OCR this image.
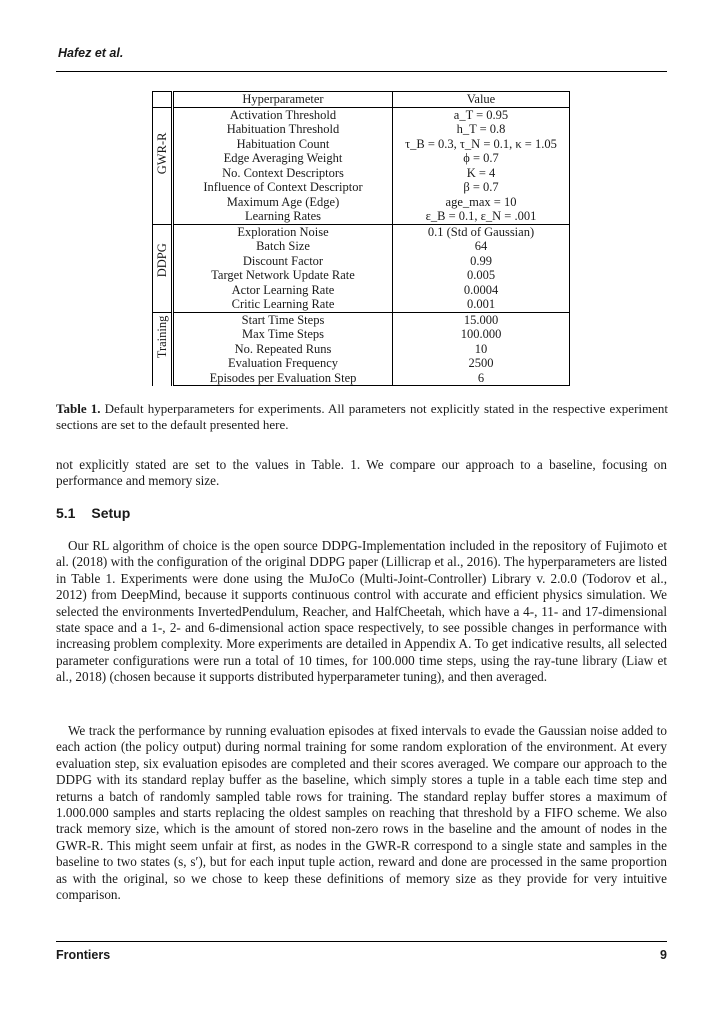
Hafez et al.
	Hyperparameter	Value

GWR-R	Activation Threshold	a_T = 0.95
	Habituation Threshold	h_T = 0.8
	Habituation Count	τ_B = 0.3, τ_N = 0.1, κ = 1.05
	Edge Averaging Weight	ϕ = 0.7
	No. Context Descriptors	K = 4
	Influence of Context Descriptor	β = 0.7
	Maximum Age (Edge)	age_max = 10
	Learning Rates	ε_B = 0.1, ε_N = .001

DDPG	Exploration Noise	0.1 (Std of Gaussian)
	Batch Size	64
	Discount Factor	0.99
	Target Network Update Rate	0.005
	Actor Learning Rate	0.0004
	Critic Learning Rate	0.001

Training	Start Time Steps	15.000
	Max Time Steps	100.000
	No. Repeated Runs	10
	Evaluation Frequency	2500
	Episodes per Evaluation Step	6
Table 1. Default hyperparameters for experiments. All parameters not explicitly stated in the respective experiment sections are set to the default presented here.
not explicitly stated are set to the values in Table. 1. We compare our approach to a baseline, focusing on performance and memory size.
5.1 Setup
Our RL algorithm of choice is the open source DDPG-Implementation included in the repository of Fujimoto et al. (2018) with the configuration of the original DDPG paper (Lillicrap et al., 2016). The hyperparameters are listed in Table 1. Experiments were done using the MuJoCo (Multi-Joint-Controller) Library v. 2.0.0 (Todorov et al., 2012) from DeepMind, because it supports continuous control with accurate and efficient physics simulation. We selected the environments InvertedPendulum, Reacher, and HalfCheetah, which have a 4-, 11- and 17-dimensional state space and a 1-, 2- and 6-dimensional action space respectively, to see possible changes in performance with increasing problem complexity. More experiments are detailed in Appendix A. To get indicative results, all selected parameter configurations were run a total of 10 times, for 100.000 time steps, using the ray-tune library (Liaw et al., 2018) (chosen because it supports distributed hyperparameter tuning), and then averaged.
We track the performance by running evaluation episodes at fixed intervals to evade the Gaussian noise added to each action (the policy output) during normal training for some random exploration of the environment. At every evaluation step, six evaluation episodes are completed and their scores averaged. We compare our approach to the DDPG with its standard replay buffer as the baseline, which simply stores a tuple in a table each time step and returns a batch of randomly sampled table rows for training. The standard replay buffer stores a maximum of 1.000.000 samples and starts replacing the oldest samples on reaching that threshold by a FIFO scheme. We also track memory size, which is the amount of stored non-zero rows in the baseline and the amount of nodes in the GWR-R. This might seem unfair at first, as nodes in the GWR-R correspond to a single state and samples in the baseline to two states (s, s′), but for each input tuple action, reward and done are processed in the same proportion as with the original, so we chose to keep these definitions of memory size as they provide for very intuitive comparison.
Frontiers	9
